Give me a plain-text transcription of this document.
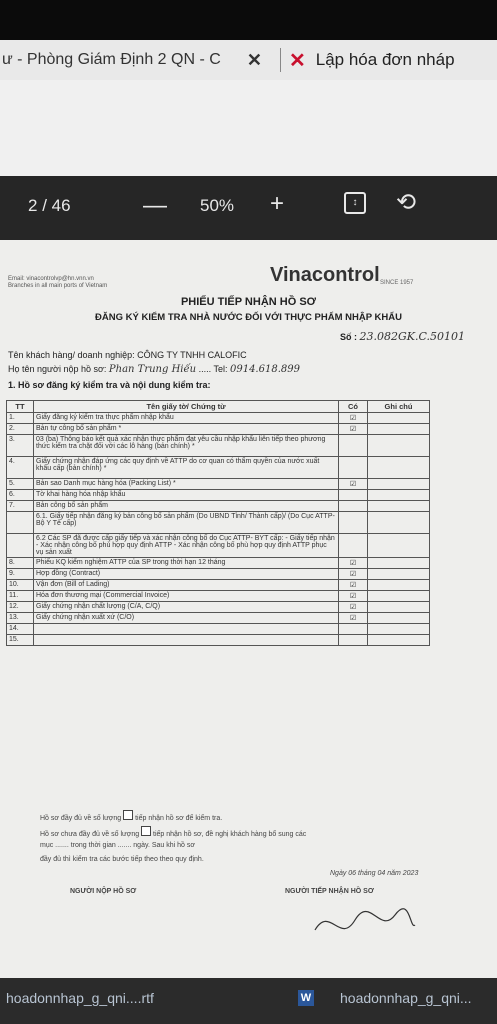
ư - Phòng Giám Định 2 QN - C	✕ ✕ Lập hóa đơn nháp
2 / 46	— 50% +	↕	⟲
Email: vinacontrolvp@hn.vnn.vn
Branches in all main ports of Vietnam	Vinacontrol SINCE 1957
PHIẾU TIẾP NHẬN HỒ SƠ
ĐĂNG KÝ KIỂM TRA NHÀ NƯỚC ĐỐI VỚI THỰC PHẨM NHẬP KHẨU
Số : 23.082GK.C.50101
Tên khách hàng/ doanh nghiệp: CÔNG TY TNHH CALOFIC
Họ tên người nộp hồ sơ: Phan Trung Hiếu ..... Tel: 0914.618.899
1. Hồ sơ đăng ký kiểm tra và nội dung kiểm tra:
TT	Tên giấy tờ/ Chứng từ	Có	Ghi chú
1.	Giấy đăng ký kiểm tra thực phẩm nhập khẩu	☑	
2.	Bản tự công bố sản phẩm *	☑	
3.	03 (ba) Thông báo kết quả xác nhận thực phẩm đạt yêu cầu nhập khẩu liên tiếp theo phương thức kiểm tra chặt đối với các lô hàng (bản chính) *		
4.	Giấy chứng nhận đáp ứng các quy định về ATTP do cơ quan có thẩm quyền của nước xuất khẩu cấp (bản chính) *		
5.	Bản sao Danh mục hàng hóa (Packing List) *	☑	
6.	Tờ khai hàng hóa nhập khẩu		
7.	Bản công bố sản phẩm		
	6.1. Giấy tiếp nhận đăng ký bản công bố sản phẩm (Do UBND Tỉnh/ Thành cấp)/ (Do Cục ATTP- Bộ Y Tế cấp)		
	6.2 Các SP đã được cấp giấy tiếp và xác nhận công bố do Cục ATTP- BYT cấp: - Giấy tiếp nhận - Xác nhận công bố phù hợp quy định ATTP - Xác nhận công bố phù hợp quy định ATTP phục vụ sản xuất		
8.	Phiếu KQ kiểm nghiệm ATTP của SP trong thời hạn 12 tháng	☑	
9.	Hợp đồng (Contract)	☑	
10.	Vận đơn (Bill of Lading)	☑	
11.	Hóa đơn thương mại (Commercial Invoice)	☑	
12.	Giấy chứng nhận chất lượng (C/A, C/Q)	☑	
13.	Giấy chứng nhận xuất xứ (C/O)	☑	
14.			
15.			
Hồ sơ đầy đủ về số lượng tiếp nhận hồ sơ để kiểm tra.
Hồ sơ chưa đầy đủ về số lượng tiếp nhận hồ sơ, đề nghị khách hàng bổ sung các
mục ....... trong thời gian ....... ngày. Sau khi hồ sơ
đầy đủ thì kiểm tra các bước tiếp theo theo quy định.
Ngày 06 tháng 04 năm 2023
NGƯỜI NỘP HỒ SƠ	NGƯỜI TIẾP NHẬN HỒ SƠ
hoadonnhap_g_qni....rtf	W hoadonnhap_g_qni...
